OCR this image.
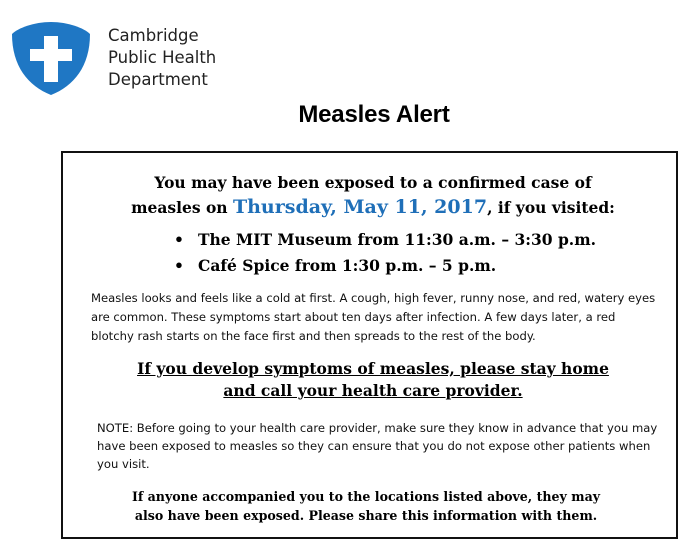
Cambridge
Public Health
Department
Measles Alert
You may have been exposed to a confirmed case of
measles on Thursday, May 11, 2017, if you visited:
• The MIT Museum from 11:30 a.m. – 3:30 p.m.
• Café Spice from 1:30 p.m. – 5 p.m.
Measles looks and feels like a cold at first. A cough, high fever, runny nose, and red, watery eyes are common. These symptoms start about ten days after infection. A few days later, a red blotchy rash starts on the face first and then spreads to the rest of the body.
If you develop symptoms of measles, please stay home
and call your health care provider.
NOTE: Before going to your health care provider, make sure they know in advance that you may have been exposed to measles so they can ensure that you do not expose other patients when you visit.
If anyone accompanied you to the locations listed above, they may
also have been exposed. Please share this information with them.
